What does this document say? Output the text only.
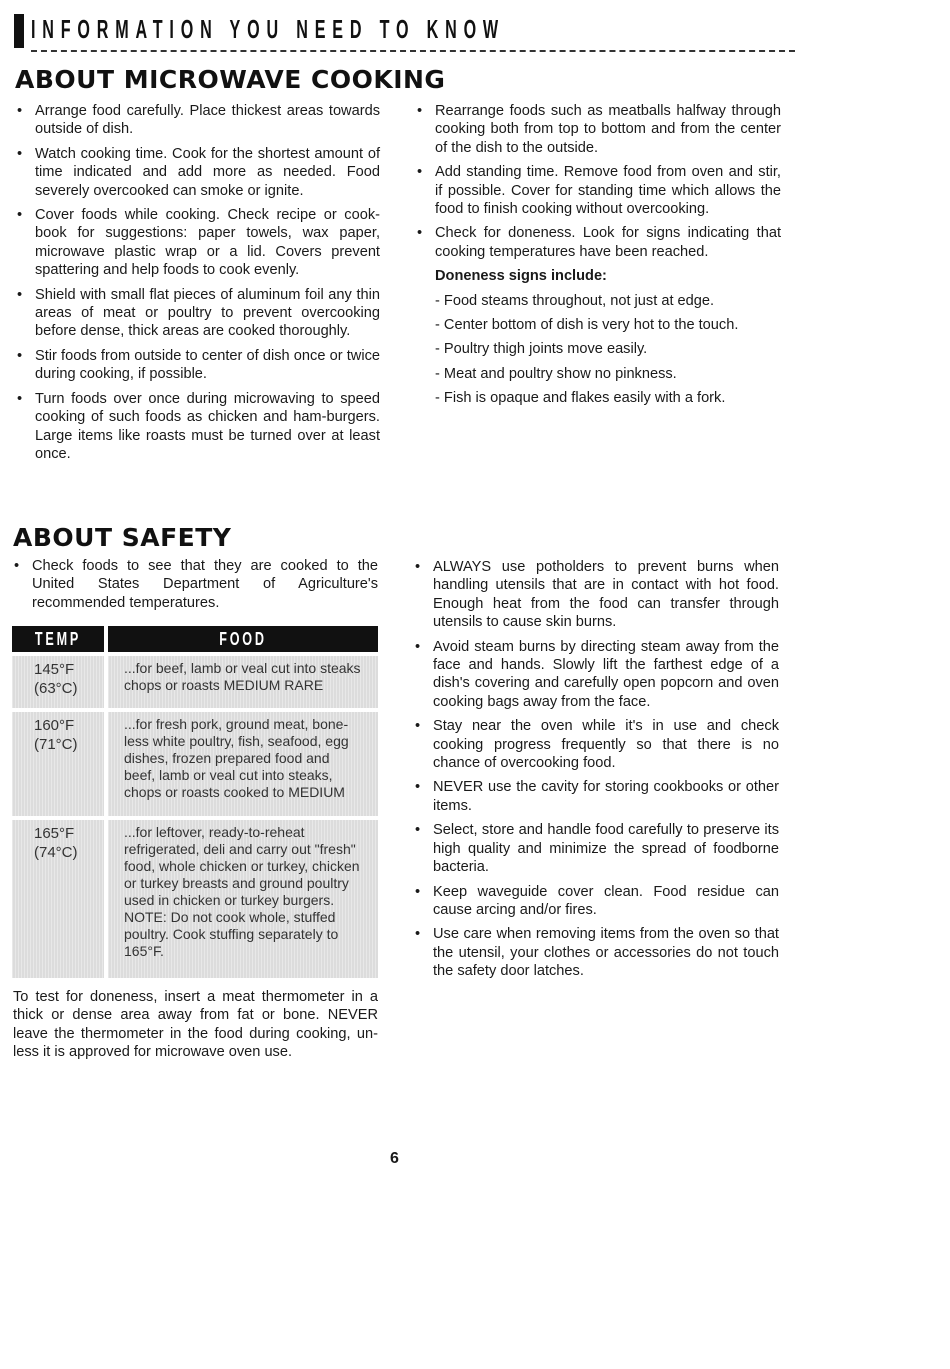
INFORMATION YOU NEED TO KNOW
ABOUT MICROWAVE COOKING
• Arrange food carefully. Place thickest areas towards outside of dish.
• Watch cooking time. Cook for the shortest amount of time indicated and add more as needed. Food severely overcooked can smoke or ignite.
• Cover foods while cooking. Check recipe or cook-book for suggestions: paper towels, wax paper, microwave plastic wrap or a lid. Covers prevent spattering and help foods to cook evenly.
• Shield with small flat pieces of aluminum foil any thin areas of meat or poultry to prevent overcooking before dense, thick areas are cooked thoroughly.
• Stir foods from outside to center of dish once or twice during cooking, if possible.
• Turn foods over once during microwaving to speed cooking of such foods as chicken and ham-burgers. Large items like roasts must be turned over at least once.
• Rearrange foods such as meatballs halfway through cooking both from top to bottom and from the center of the dish to the outside.
• Add standing time. Remove food from oven and stir, if possible. Cover for standing time which allows the food to finish cooking without overcooking.
• Check for doneness. Look for signs indicating that cooking temperatures have been reached.
Doneness signs include:
- Food steams throughout, not just at edge.
- Center bottom of dish is very hot to the touch.
- Poultry thigh joints move easily.
- Meat and poultry show no pinkness.
- Fish is opaque and flakes easily with a fork.
ABOUT SAFETY
• Check foods to see that they are cooked to the United States Department of Agriculture's recommended temperatures.
TEMP	FOOD
145°F
(63°C)
...for beef, lamb or veal cut into steaks chops or roasts MEDIUM RARE
160°F
(71°C)
...for fresh pork, ground meat, bone-less white poultry, fish, seafood, egg dishes, frozen prepared food and beef, lamb or veal cut into steaks, chops or roasts cooked to MEDIUM
165°F
(74°C)
...for leftover, ready-to-reheat refrigerated, deli and carry out "fresh" food, whole chicken or turkey, chicken or turkey breasts and ground poultry used in chicken or turkey burgers.
NOTE: Do not cook whole, stuffed poultry. Cook stuffing separately to 165°F.
To test for doneness, insert a meat thermometer in a thick or dense area away from fat or bone. NEVER leave the thermometer in the food during cooking, un-less it is approved for microwave oven use.
• ALWAYS use potholders to prevent burns when handling utensils that are in contact with hot food. Enough heat from the food can transfer through utensils to cause skin burns.
• Avoid steam burns by directing steam away from the face and hands. Slowly lift the farthest edge of a dish's covering and carefully open popcorn and oven cooking bags away from the face.
• Stay near the oven while it's in use and check cooking progress frequently so that there is no chance of overcooking food.
• NEVER use the cavity for storing cookbooks or other items.
• Select, store and handle food carefully to preserve its high quality and minimize the spread of foodborne bacteria.
• Keep waveguide cover clean. Food residue can cause arcing and/or fires.
• Use care when removing items from the oven so that the utensil, your clothes or accessories do not touch the safety door latches.
6
